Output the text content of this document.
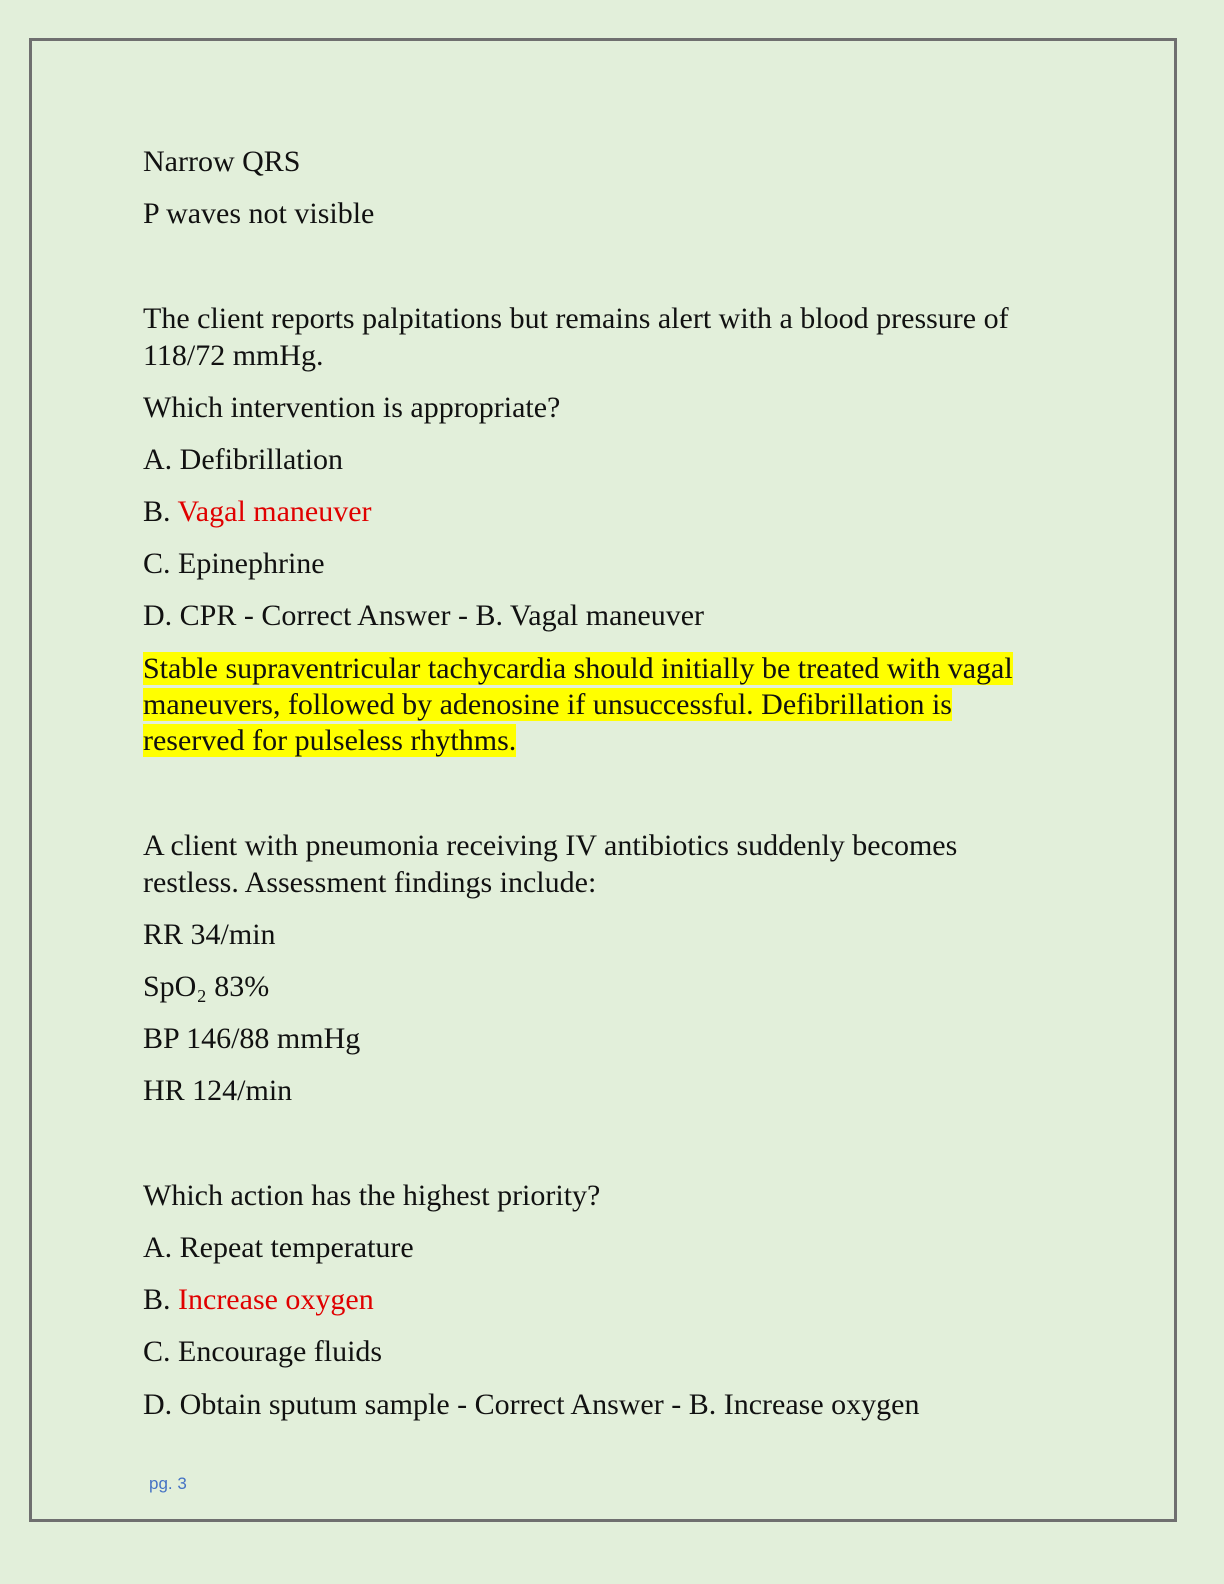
Narrow QRS

P waves not visible

The client reports palpitations but remains alert with a blood pressure of

118/72 mmHg.

Which intervention is appropriate?

A. Defibrillation

B. Vagal maneuver

C. Epinephrine

D. CPR - Correct Answer - B. Vagal maneuver

Stable supraventricular tachycardia should initially be treated with vagal

maneuvers, followed by adenosine if unsuccessful. Defibrillation is

reserved for pulseless rhythms.

A client with pneumonia receiving IV antibiotics suddenly becomes

restless. Assessment findings include:

RR 34/min

SpO₂ 83%

BP 146/88 mmHg

HR 124/min

Which action has the highest priority?

A. Repeat temperature

B. Increase oxygen

C. Encourage fluids

D. Obtain sputum sample - Correct Answer - B. Increase oxygen

pg. 3
